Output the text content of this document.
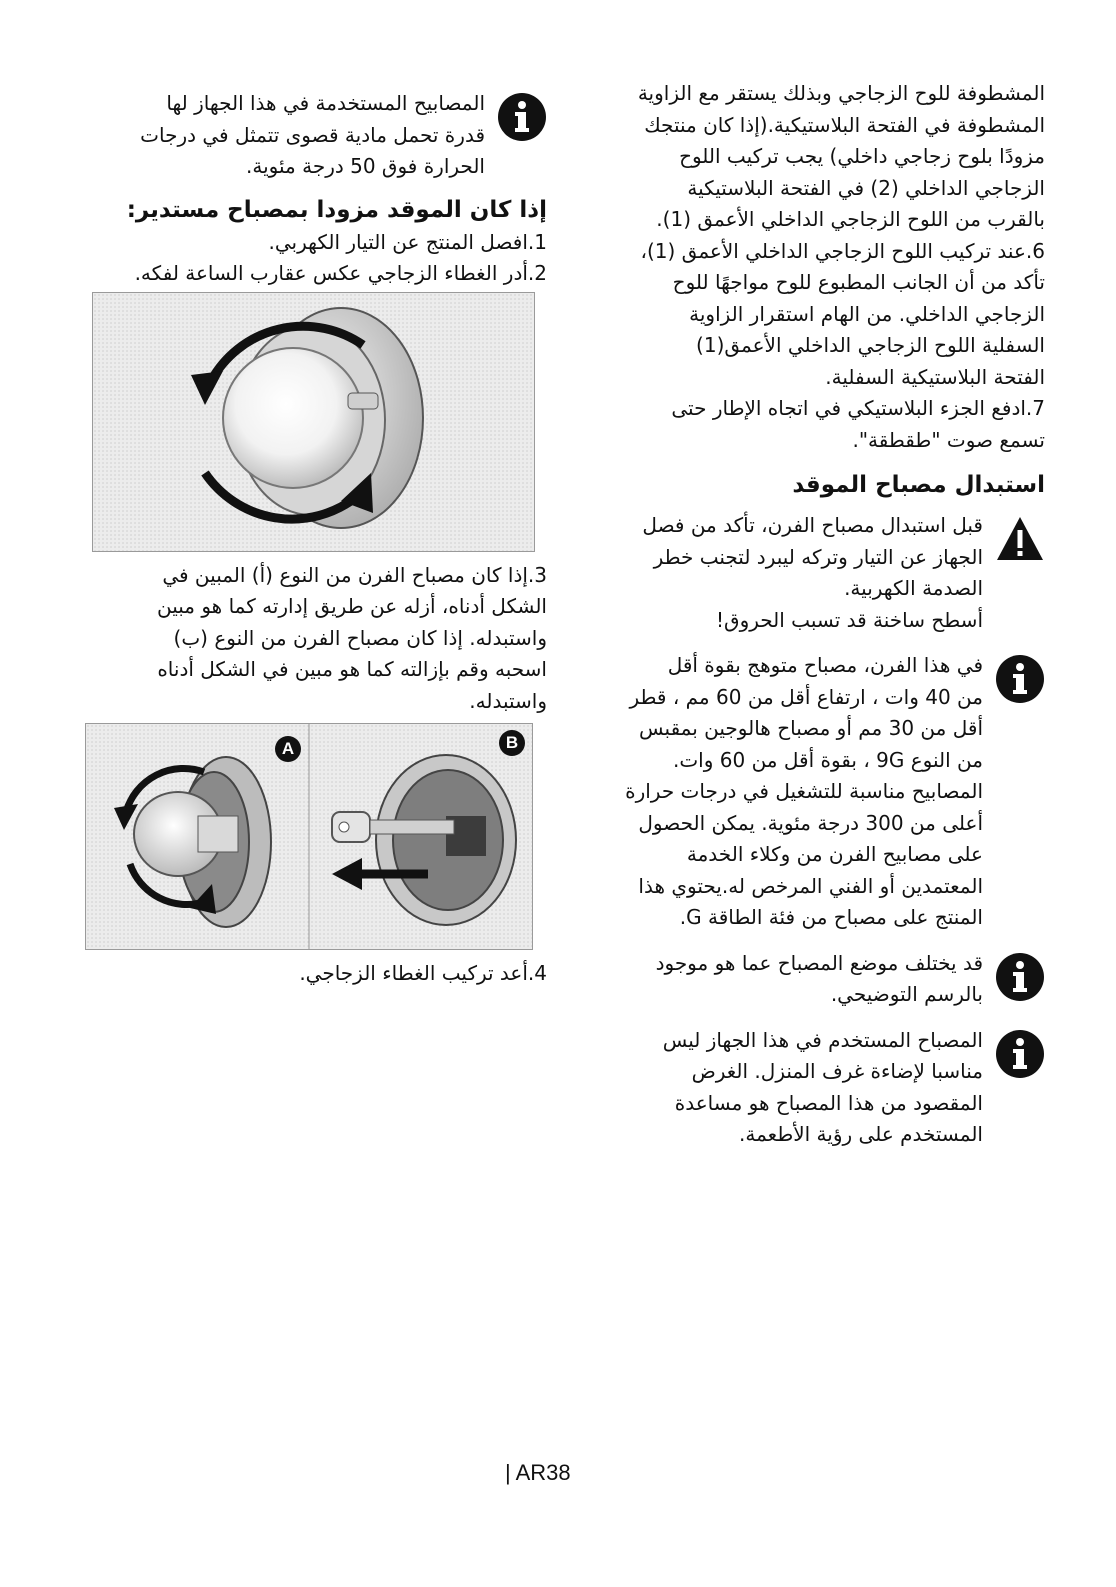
المشطوفة للوح الزجاجي وبذلك يستقر مع الزاوية

المشطوفة في الفتحة البلاستيكية.(إذا كان منتجك

مزودًا بلوح زجاجي داخلي) يجب تركيب اللوح

الزجاجي الداخلي (2) في الفتحة البلاستيكية

بالقرب من اللوح الزجاجي الداخلي الأعمق (1).

6.عند تركيب اللوح الزجاجي الداخلي الأعمق (1)،

تأكد من أن الجانب المطبوع للوح مواجهًا للوح

الزجاجي الداخلي. من الهام استقرار الزاوية

السفلية اللوح الزجاجي الداخلي الأعمق(1)

الفتحة البلاستيكية السفلية.

7.ادفع الجزء البلاستيكي في اتجاه الإطار حتى

تسمع صوت "طقطقة".

استبدال مصباح الموقد

قبل استبدال مصباح الفرن، تأكد من فصل

الجهاز عن التيار وتركه ليبرد لتجنب خطر

الصدمة الكهربية.

أسطح ساخنة قد تسبب الحروق!

في هذا الفرن، مصباح متوهج بقوة أقل

من 40 وات ، ارتفاع أقل من 60 مم ، قطر

أقل من 30 مم أو مصباح هالوجين بمقبس

من النوع 9G ، بقوة أقل من 60 وات.

المصابيح مناسبة للتشغيل في درجات حرارة

أعلى من 300 درجة مئوية. يمكن الحصول

على مصابيح الفرن من وكلاء الخدمة

المعتمدين أو الفني المرخص له.يحتوي هذا

المنتج على مصباح من فئة الطاقة G.

قد يختلف موضع المصباح عما هو موجود

بالرسم التوضيحي.

المصباح المستخدم في هذا الجهاز ليس

مناسبا لإضاءة غرف المنزل. الغرض

المقصود من هذا المصباح هو مساعدة

المستخدم على رؤية الأطعمة.

المصابيح المستخدمة في هذا الجهاز لها

قدرة تحمل مادية قصوى تتمثل في درجات

الحرارة فوق 50 درجة مئوية.

إذا كان الموقد مزودا بمصباح مستدير:

1.افصل المنتج عن التيار الكهربي.

2.أدر الغطاء الزجاجي عكس عقارب الساعة لفكه.

3.إذا كان مصباح الفرن من النوع (أ) المبين في

الشكل أدناه، أزله عن طريق إدارته كما هو مبين

واستبدله. إذا كان مصباح الفرن من النوع (ب)

اسحبه وقم بإزالته كما هو مبين في الشكل أدناه

واستبدله.

A	B

4.أعد تركيب الغطاء الزجاجي.

| AR38
